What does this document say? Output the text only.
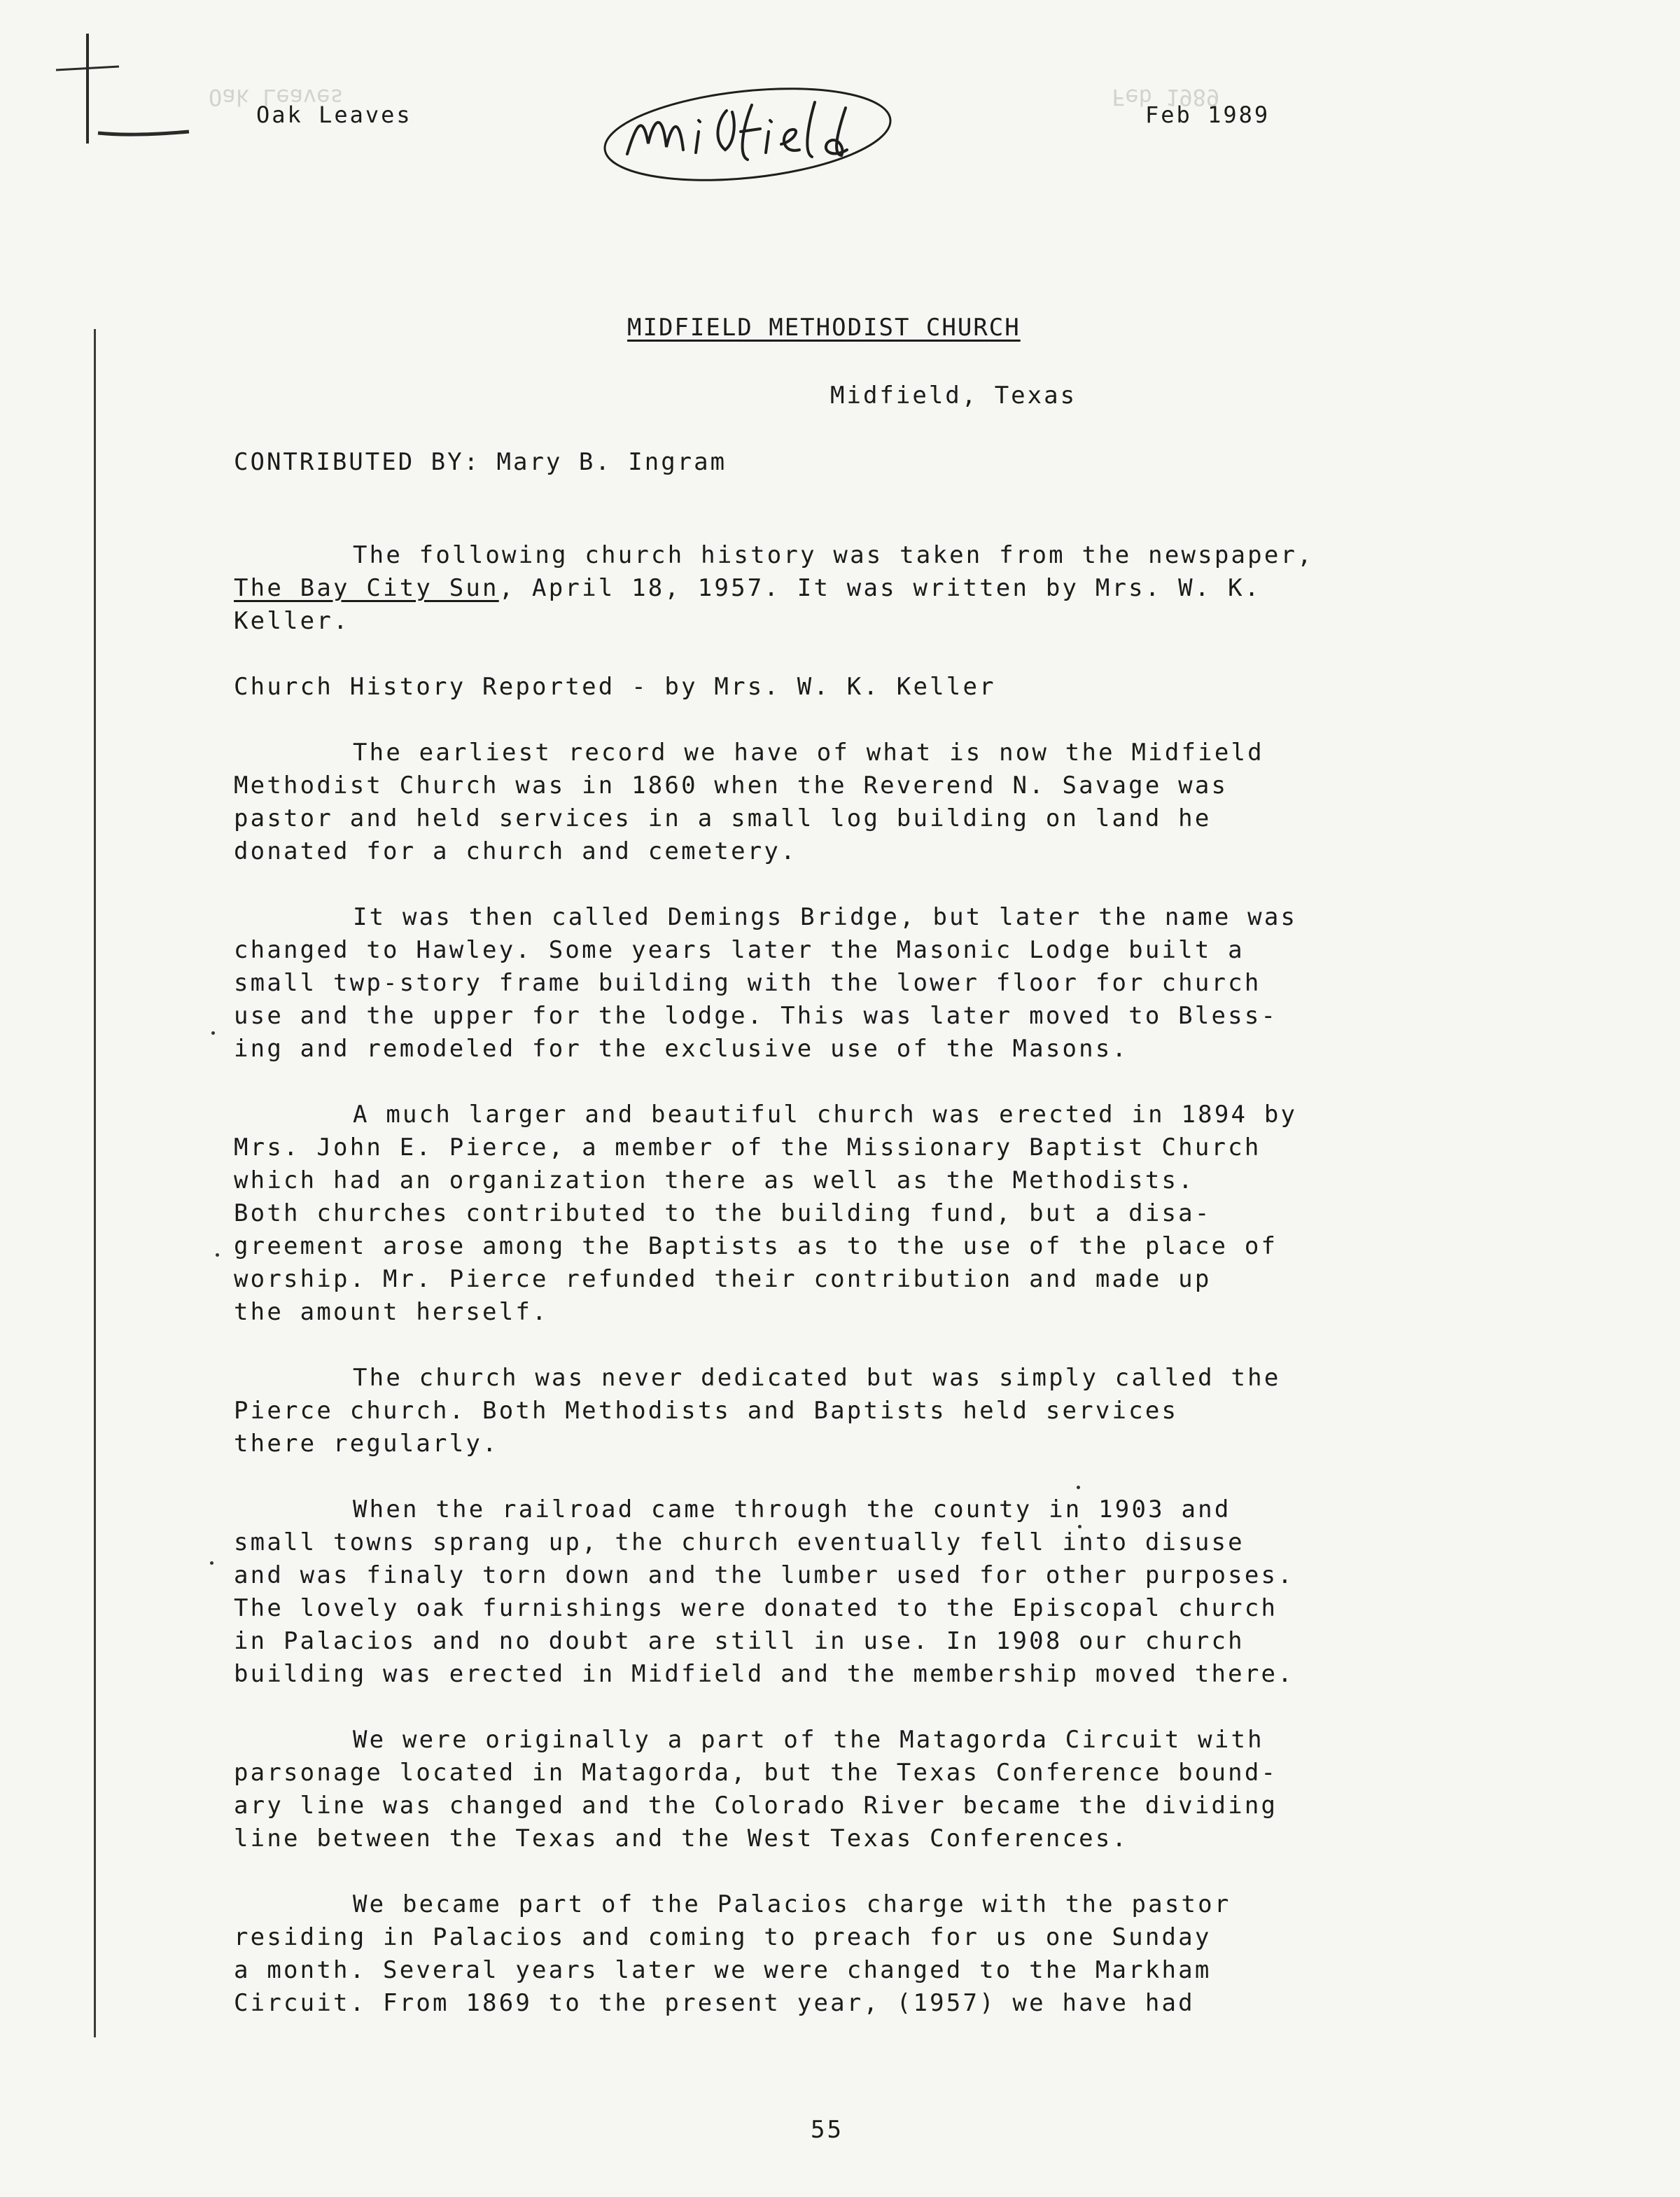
Oak Leaves	Feb 1989
Oak Leaves	Feb 1989
MIDFIELD METHODIST CHURCH
Midfield, Texas
CONTRIBUTED BY: Mary B. Ingram
The following church history was taken from the newspaper,
The Bay City Sun, April 18, 1957. It was written by Mrs. W. K.
Keller.
Church History Reported - by Mrs. W. K. Keller
The earliest record we have of what is now the Midfield
Methodist Church was in 1860 when the Reverend N. Savage was
pastor and held services in a small log building on land he
donated for a church and cemetery.
It was then called Demings Bridge, but later the name was
changed to Hawley. Some years later the Masonic Lodge built a
small twp-story frame building with the lower floor for church
use and the upper for the lodge. This was later moved to Bless-
ing and remodeled for the exclusive use of the Masons.
A much larger and beautiful church was erected in 1894 by
Mrs. John E. Pierce, a member of the Missionary Baptist Church
which had an organization there as well as the Methodists.
Both churches contributed to the building fund, but a disa-
greement arose among the Baptists as to the use of the place of
worship. Mr. Pierce refunded their contribution and made up
the amount herself.
The church was never dedicated but was simply called the
Pierce church. Both Methodists and Baptists held services
there regularly.
When the railroad came through the county in 1903 and
small towns sprang up, the church eventually fell into disuse
and was finaly torn down and the lumber used for other purposes.
The lovely oak furnishings were donated to the Episcopal church
in Palacios and no doubt are still in use. In 1908 our church
building was erected in Midfield and the membership moved there.
We were originally a part of the Matagorda Circuit with
parsonage located in Matagorda, but the Texas Conference bound-
ary line was changed and the Colorado River became the dividing
line between the Texas and the West Texas Conferences.
We became part of the Palacios charge with the pastor
residing in Palacios and coming to preach for us one Sunday
a month. Several years later we were changed to the Markham
Circuit. From 1869 to the present year, (1957) we have had
55
